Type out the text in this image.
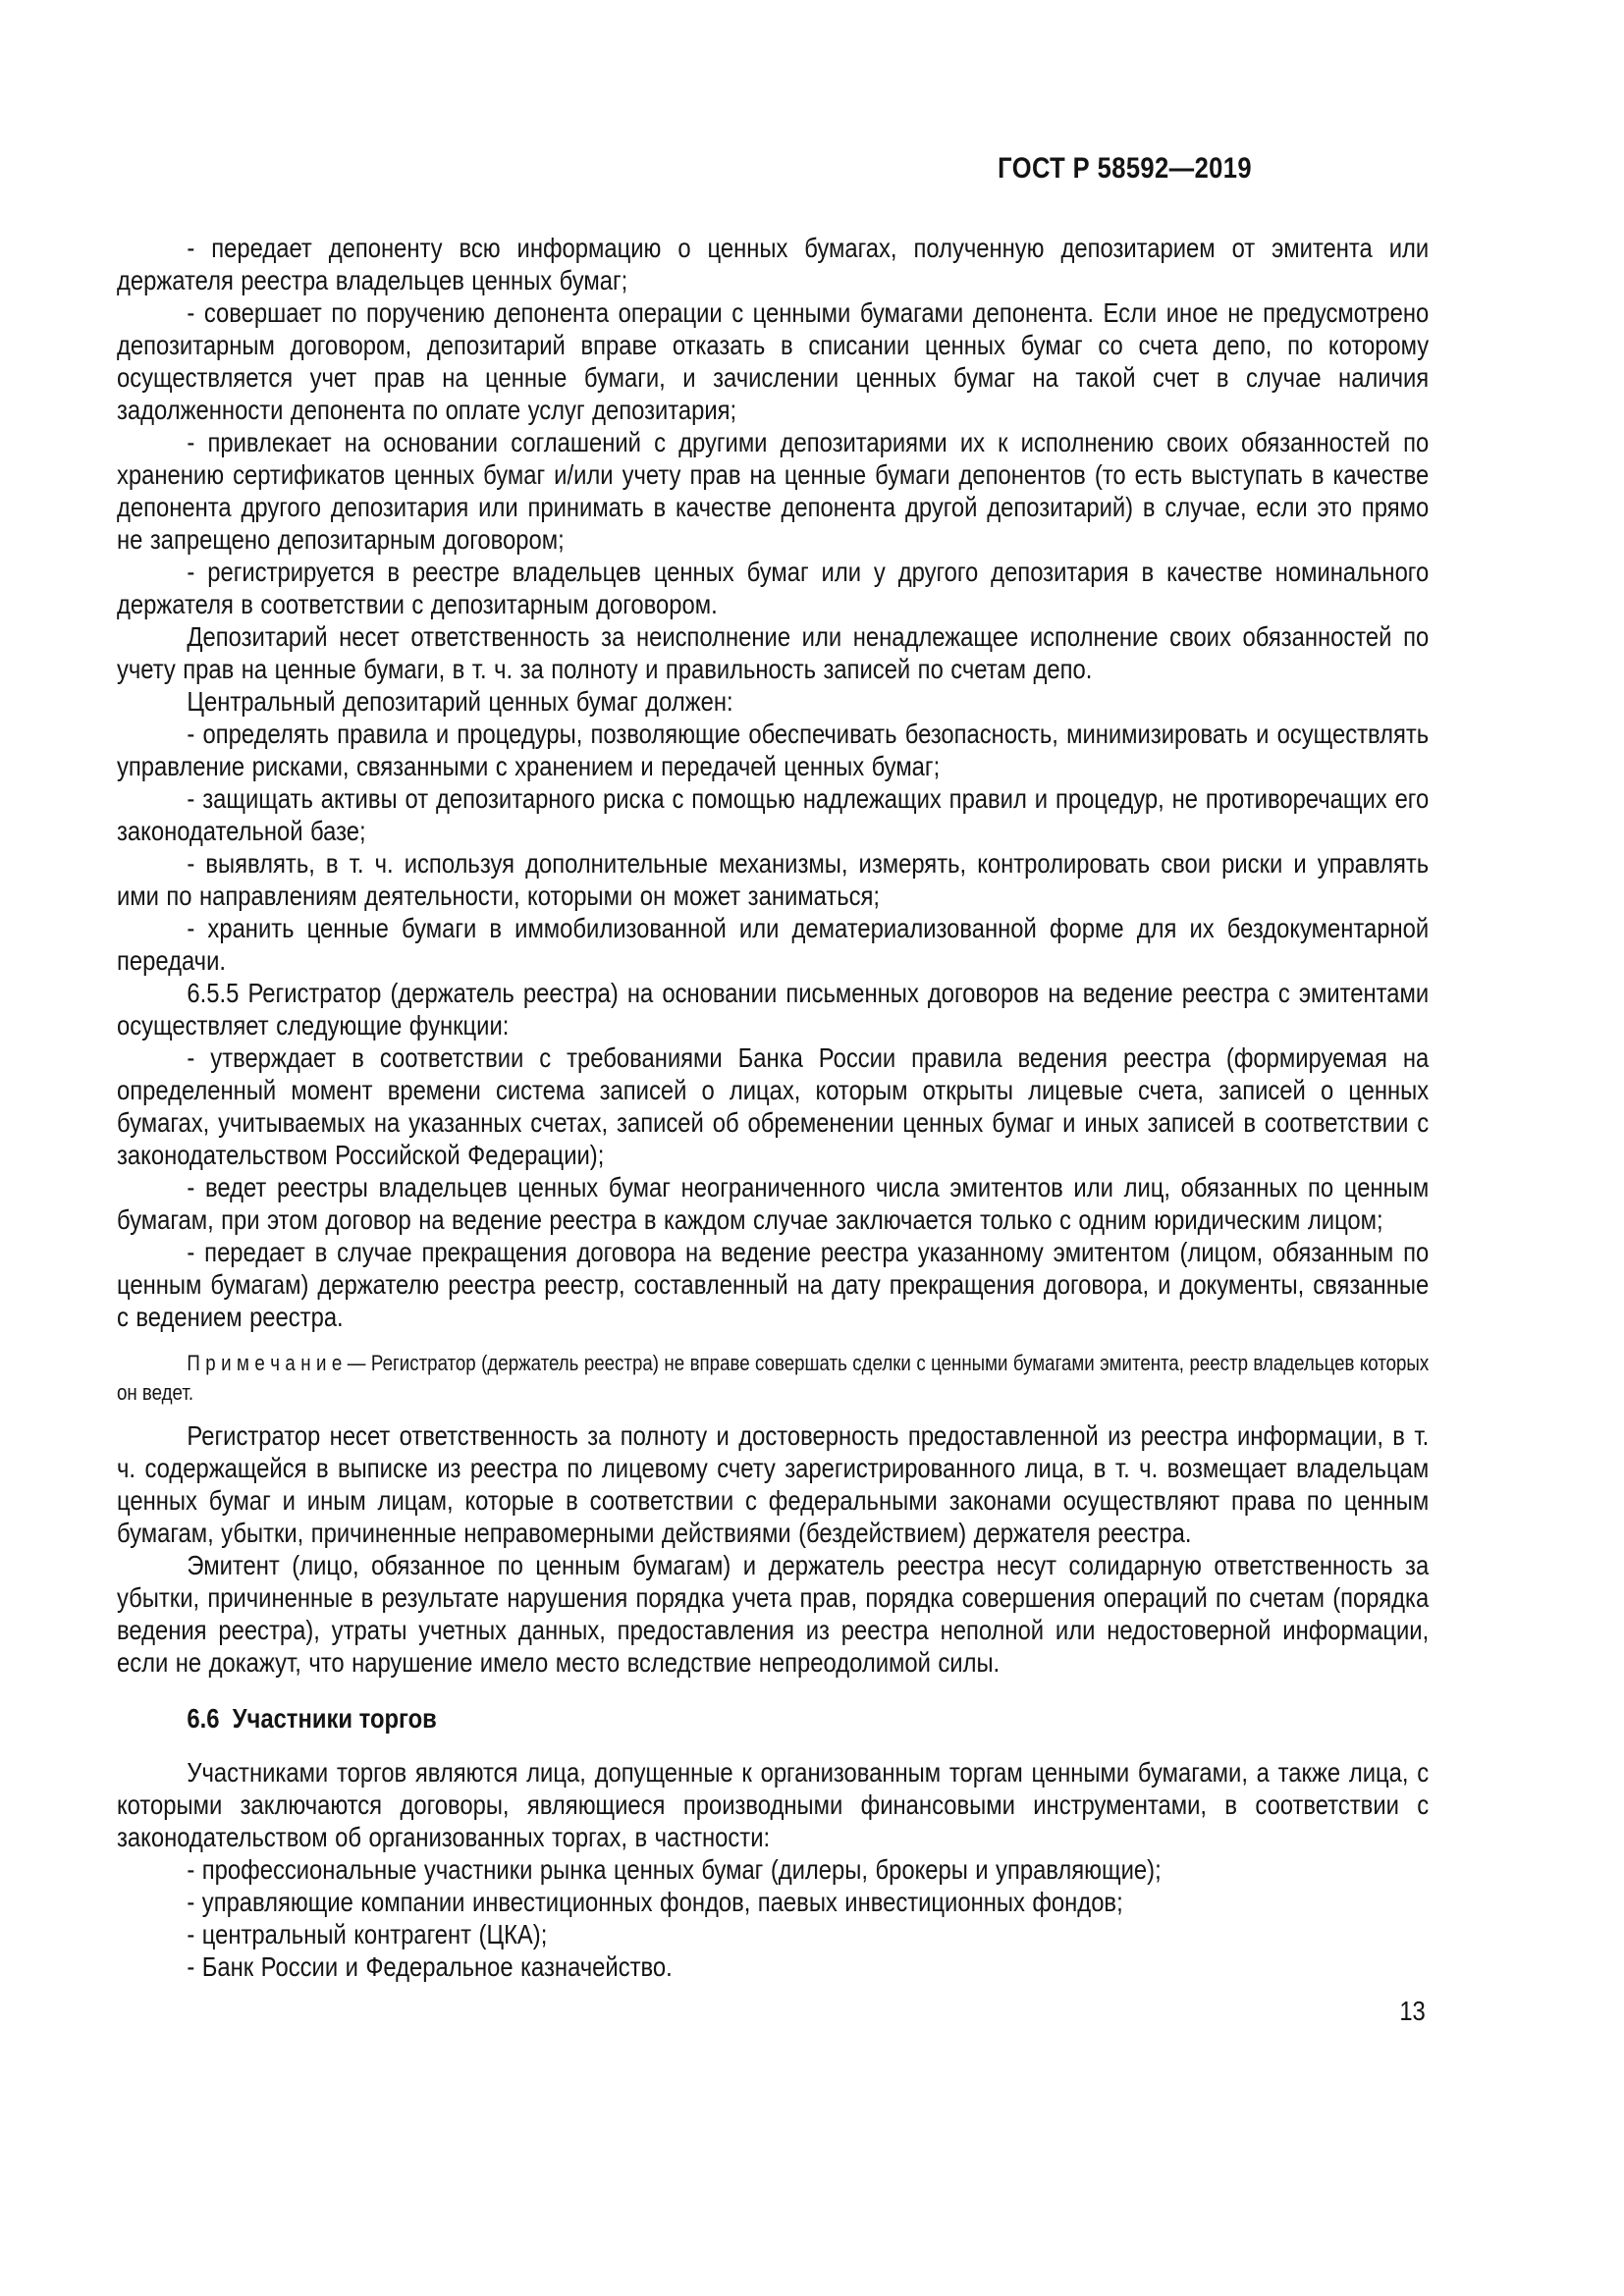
ГОСТ Р 58592—2019

- передает депоненту всю информацию о ценных бумагах, полученную депозитарием от эмитента или держателя реестра владельцев ценных бумаг;

- совершает по поручению депонента операции с ценными бумагами депонента. Если иное не предусмотрено депозитарным договором, депозитарий вправе отказать в списании ценных бумаг со счета депо, по которому осуществляется учет прав на ценные бумаги, и зачислении ценных бумаг на такой счет в случае наличия задолженности депонента по оплате услуг депозитария;

- привлекает на основании соглашений с другими депозитариями их к исполнению своих обязанностей по хранению сертификатов ценных бумаг и/или учету прав на ценные бумаги депонентов (то есть выступать в качестве депонента другого депозитария или принимать в качестве депонента другой депозитарий) в случае, если это прямо не запрещено депозитарным договором;

- регистрируется в реестре владельцев ценных бумаг или у другого депозитария в качестве номинального держателя в соответствии с депозитарным договором.

Депозитарий несет ответственность за неисполнение или ненадлежащее исполнение своих обязанностей по учету прав на ценные бумаги, в т. ч. за полноту и правильность записей по счетам депо.

Центральный депозитарий ценных бумаг должен:

- определять правила и процедуры, позволяющие обеспечивать безопасность, минимизировать и осуществлять управление рисками, связанными с хранением и передачей ценных бумаг;

- защищать активы от депозитарного риска с помощью надлежащих правил и процедур, не противоречащих его законодательной базе;

- выявлять, в т. ч. используя дополнительные механизмы, измерять, контролировать свои риски и управлять ими по направлениям деятельности, которыми он может заниматься;

- хранить ценные бумаги в иммобилизованной или дематериализованной форме для их бездокументарной передачи.

6.5.5 Регистратор (держатель реестра) на основании письменных договоров на ведение реестра с эмитентами осуществляет следующие функции:

- утверждает в соответствии с требованиями Банка России правила ведения реестра (формируемая на определенный момент времени система записей о лицах, которым открыты лицевые счета, записей о ценных бумагах, учитываемых на указанных счетах, записей об обременении ценных бумаг и иных записей в соответствии с законодательством Российской Федерации);

- ведет реестры владельцев ценных бумаг неограниченного числа эмитентов или лиц, обязанных по ценным бумагам, при этом договор на ведение реестра в каждом случае заключается только с одним юридическим лицом;

- передает в случае прекращения договора на ведение реестра указанному эмитентом (лицом, обязанным по ценным бумагам) держателю реестра реестр, составленный на дату прекращения договора, и документы, связанные с ведением реестра.

П р и м е ч а н и е — Регистратор (держатель реестра) не вправе совершать сделки с ценными бумагами эмитента, реестр владельцев которых он ведет.

Регистратор несет ответственность за полноту и достоверность предоставленной из реестра информации, в т. ч. содержащейся в выписке из реестра по лицевому счету зарегистрированного лица, в т. ч. возмещает владельцам ценных бумаг и иным лицам, которые в соответствии с федеральными законами осуществляют права по ценным бумагам, убытки, причиненные неправомерными действиями (бездействием) держателя реестра.

Эмитент (лицо, обязанное по ценным бумагам) и держатель реестра несут солидарную ответственность за убытки, причиненные в результате нарушения порядка учета прав, порядка совершения операций по счетам (порядка ведения реестра), утраты учетных данных, предоставления из реестра неполной или недостоверной информации, если не докажут, что нарушение имело место вследствие непреодолимой силы.

6.6  Участники торгов

Участниками торгов являются лица, допущенные к организованным торгам ценными бумагами, а также лица, с которыми заключаются договоры, являющиеся производными финансовыми инструментами, в соответствии с законодательством об организованных торгах, в частности:

- профессиональные участники рынка ценных бумаг (дилеры, брокеры и управляющие);

- управляющие компании инвестиционных фондов, паевых инвестиционных фондов;

- центральный контрагент (ЦКА);

- Банк России и Федеральное казначейство.

13
